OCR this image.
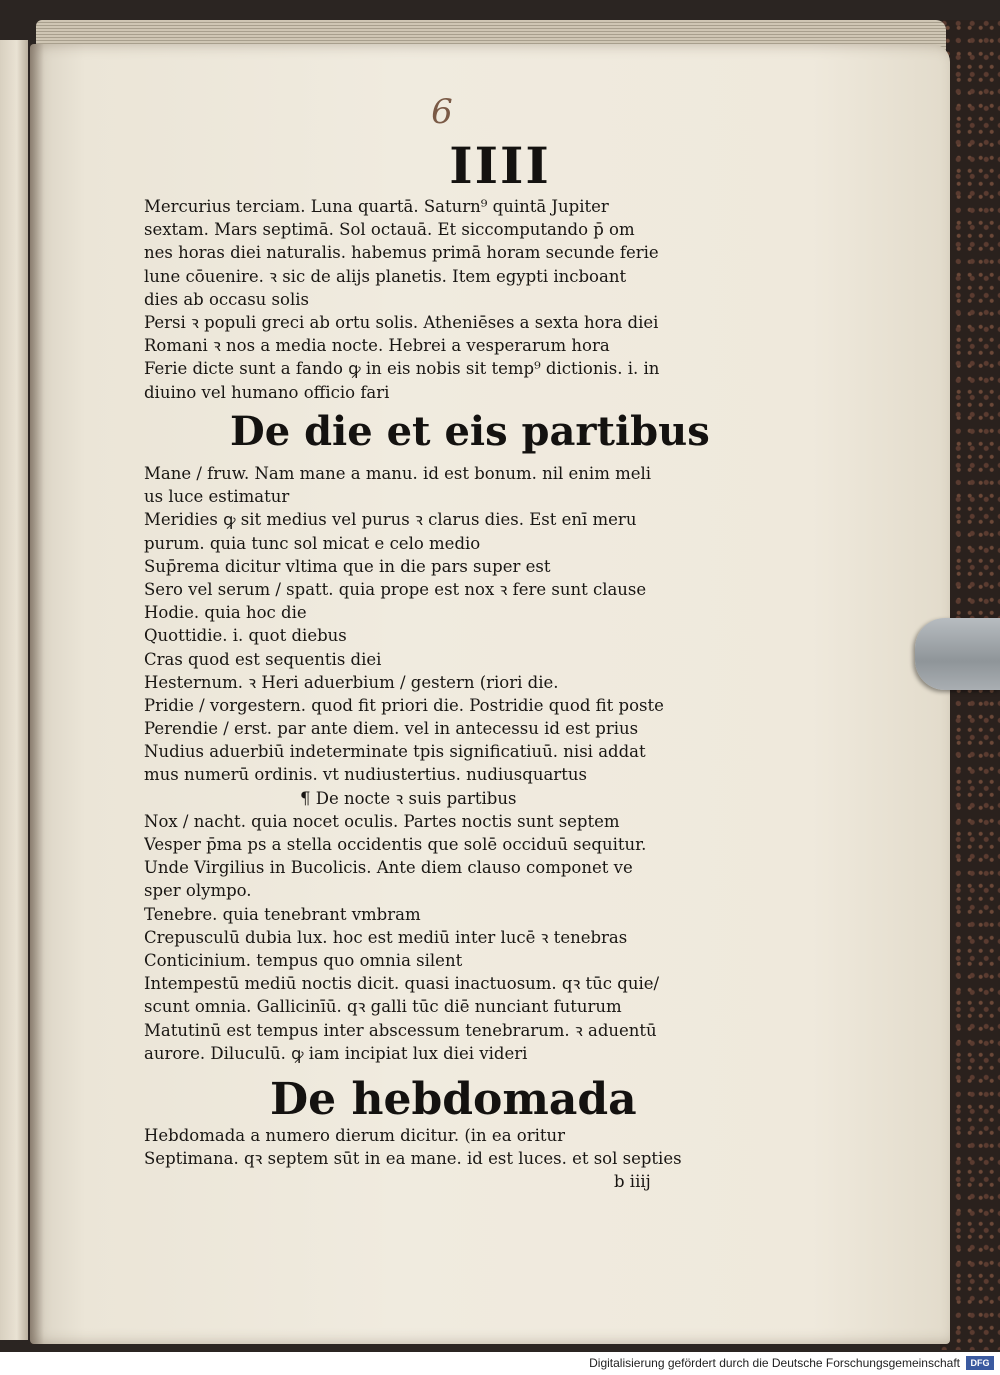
6
IIII
Mercurius terciam. Luna quartā. Saturn⁹ quintā Jupiter
sextam. Mars septimā. Sol octauā. Et siccomputando p̄ om
nes horas diei naturalis. habemus primā horam secunde ferie
lune cōuenire. ꝛ sic de alijs planetis. Item egypti incboant
dies ab occasu solis
Persi ꝛ populi greci ab ortu solis. Atheniēses a sexta hora diei
Romani ꝛ nos a media nocte. Hebrei a vesperarum hora
Ferie dicte sunt a fando ꝙ in eis nobis sit temp⁹ dictionis. i. in
diuino vel humano officio fari
De die et eis partibus
Mane / fruw. Nam mane a manu. id est bonum. nil enim meli
us luce estimatur
Meridies ꝙ sit medius vel purus ꝛ clarus dies. Est enī meru
purum. quia tunc sol micat e celo medio
Sup̄rema dicitur vltima que in die pars super est
Sero vel serum / spatt. quia prope est nox ꝛ fere sunt clause
Hodie. quia hoc die
Quottidie. i. quot diebus
Cras quod est sequentis diei
Hesternum. ꝛ Heri aduerbium / gestern (riori die.
Pridie / vorgestern. quod fit priori die. Postridie quod fit poste
Perendie / erst. par ante diem. vel in antecessu id est prius
Nudius aduerbiū indeterminate tpis significatiuū. nisi addat
mus numerū ordinis. vt nudiustertius. nudiusquartus
¶ De nocte ꝛ suis partibus
Nox / nacht. quia nocet oculis. Partes noctis sunt septem
Vesper p̄ma ps a stella occidentis que solē occiduū sequitur.
Unde Virgilius in Bucolicis. Ante diem clauso componet ve
sper olympo.
Tenebre. quia tenebrant vmbram
Crepusculū dubia lux. hoc est mediū inter lucē ꝛ tenebras
Conticinium. tempus quo omnia silent
Intempestū mediū noctis dicit. quasi inactuosum. qꝛ tūc quie/
scunt omnia. Gallicinīū. qꝛ galli tūc diē nunciant futurum
Matutinū est tempus inter abscessum tenebrarum. ꝛ aduentū
aurore. Diluculū. ꝙ iam incipiat lux diei videri
De hebdomada
Hebdomada a numero dierum dicitur. (in ea oritur
Septimana. qꝛ septem sūt in ea mane. id est luces. et sol septies
b iiij
Digitalisierung gefördert durch die Deutsche Forschungsgemeinschaft	DFG
